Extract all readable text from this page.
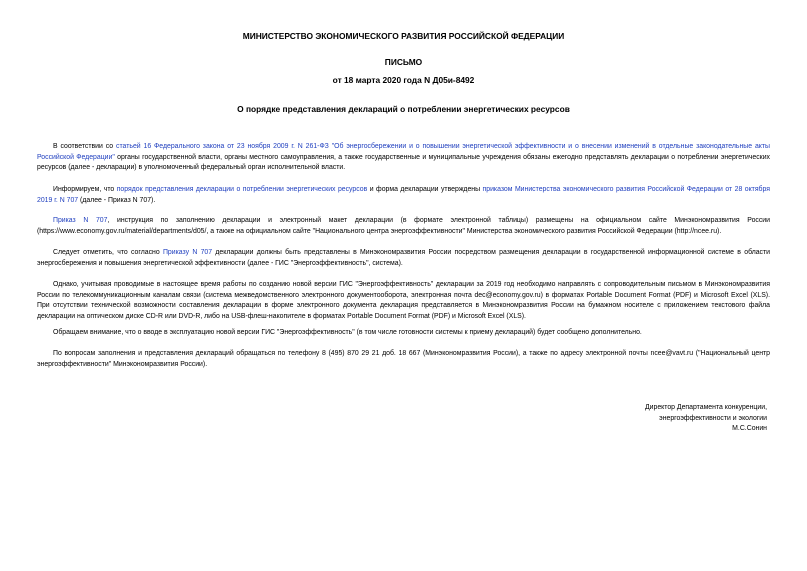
МИНИСТЕРСТВО ЭКОНОМИЧЕСКОГО РАЗВИТИЯ РОССИЙСКОЙ ФЕДЕРАЦИИ
ПИСЬМО
от 18 марта 2020 года N Д05и-8492
О порядке представления деклараций о потреблении энергетических ресурсов

В соответствии со статьей 16 Федерального закона от 23 ноября 2009 г. N 261-ФЗ "Об энергосбережении и о повышении энергетической эффективности и о внесении изменений в отдельные законодательные акты Российской Федерации" органы государственной власти, органы местного самоуправления, а также государственные и муниципальные учреждения обязаны ежегодно представлять декларации о потреблении энергетических ресурсов (далее - декларации) в уполномоченный федеральный орган исполнительной власти.

Информируем, что порядок представления декларации о потреблении энергетических ресурсов и форма декларации утверждены приказом Министерства экономического развития Российской Федерации от 28 октября 2019 г. N 707 (далее - Приказ N 707).

Приказ N 707, инструкция по заполнению декларации и электронный макет декларации (в формате электронной таблицы) размещены на официальном сайте Минэкономразвития России (https://www.economy.gov.ru/material/departments/d05/, а также на официальном сайте "Национального центра энергоэффективности" Министерства экономического развития Российской Федерации (http://ncee.ru).

Следует отметить, что согласно Приказу N 707 декларации должны быть представлены в Минэкономразвития России посредством размещения декларации в государственной информационной системе в области энергосбережения и повышения энергетической эффективности (далее - ГИС "Энергоэффективность", система).

Однако, учитывая проводимые в настоящее время работы по созданию новой версии ГИС "Энергоэффективность" декларации за 2019 год необходимо направлять с сопроводительным письмом в Минэкономразвития России по телекоммуникационным каналам связи (система межведомственного электронного документооборота, электронная почта dec@economy.gov.ru) в форматах Portable Document Format (PDF) и Microsoft Excel (XLS). При отсутствии технической возможности составления декларации в форме электронного документа декларация представляется в Минэкономразвития России на бумажном носителе с приложением текстового файла декларации на оптическом диске CD-R или DVD-R, либо на USB-флеш-накопителе в форматах Portable Document Format (PDF) и Microsoft Excel (XLS).

Обращаем внимание, что о вводе в эксплуатацию новой версии ГИС "Энергоэффективность" (в том числе готовности системы к приему деклараций) будет сообщено дополнительно.

По вопросам заполнения и представления деклараций обращаться по телефону 8 (495) 870 29 21 доб. 18 667 (Минэкономразвития России), а также по адресу электронной почты ncee@vavt.ru ("Национальный центр энергоэффективности" Минэкономразвития России).

Директор Департамента конкуренции,
энергоэффективности и экологии
М.С.Сонин
